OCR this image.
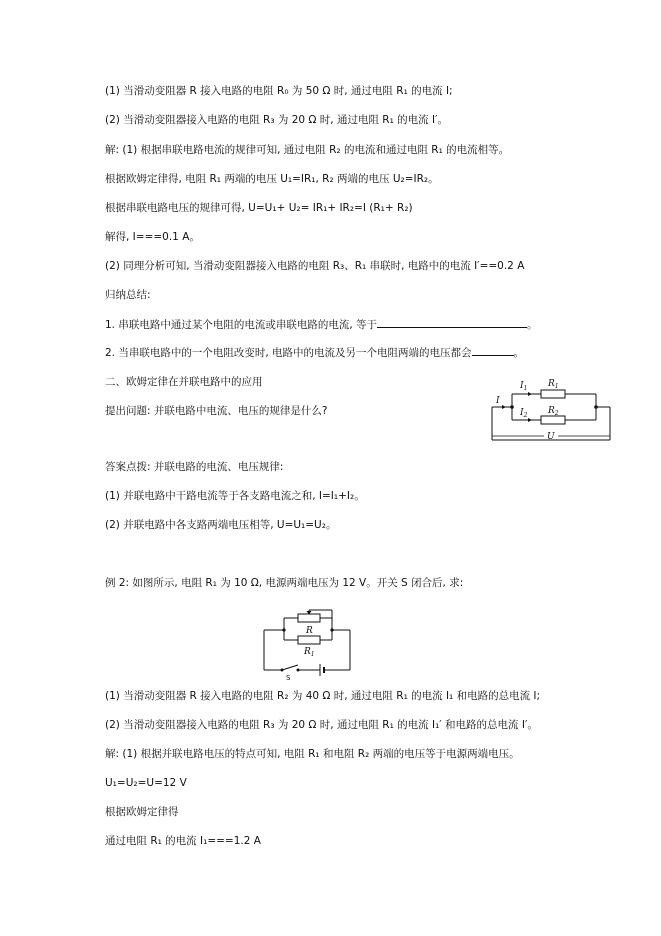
(1) 当滑动变阻器 R 接入电路的电阻 R₀ 为 50 Ω 时, 通过电阻 R₁ 的电流 I;
(2) 当滑动变阻器接入电路的电阻 R₃ 为 20 Ω 时, 通过电阻 R₁ 的电流 I′。
解: (1) 根据串联电路电流的规律可知, 通过电阻 R₂ 的电流和通过电阻 R₁ 的电流相等。
根据欧姆定律得, 电阻 R₁ 两端的电压 U₁=IR₁, R₂ 两端的电压 U₂=IR₂。
根据串联电路电压的规律可得, U=U₁+ U₂= IR₁+ IR₂=I (R₁+ R₂)
解得, I===0.1 A。
(2) 同理分析可知, 当滑动变阻器接入电路的电阻 R₃、R₁ 串联时, 电路中的电流 I′==0.2 A
归纳总结:
1. 串联电路中通过某个电阻的电流或串联电路的电流, 等于	。
2. 当串联电路中的一个电阻改变时, 电路中的电流及另一个电阻两端的电压都会	。
二、欧姆定律在并联电路中的应用
提出问题: 并联电路中电流、电压的规律是什么?
I
$I_1$
$I_2$
$R_1$
$R_2$
U
答案点拨: 并联电路的电流、电压规律:
(1) 并联电路中干路电流等于各支路电流之和, I=I₁+I₂。
(2) 并联电路中各支路两端电压相等, U=U₁=U₂。
例 2: 如图所示, 电阻 R₁ 为 10 Ω, 电源两端电压为 12 V。开关 S 闭合后, 求:
R
$R_1$
S
(1) 当滑动变阻器 R 接入电路的电阻 R₂ 为 40 Ω 时, 通过电阻 R₁ 的电流 I₁ 和电路的总电流 I;
(2) 当滑动变阻器接入电路的电阻 R₃ 为 20 Ω 时, 通过电阻 R₁ 的电流 I₁′ 和电路的总电流 I′。
解: (1) 根据并联电路电压的特点可知, 电阻 R₁ 和电阻 R₂ 两端的电压等于电源两端电压。
U₁=U₂=U=12 V
根据欧姆定律得
通过电阻 R₁ 的电流 I₁===1.2 A
